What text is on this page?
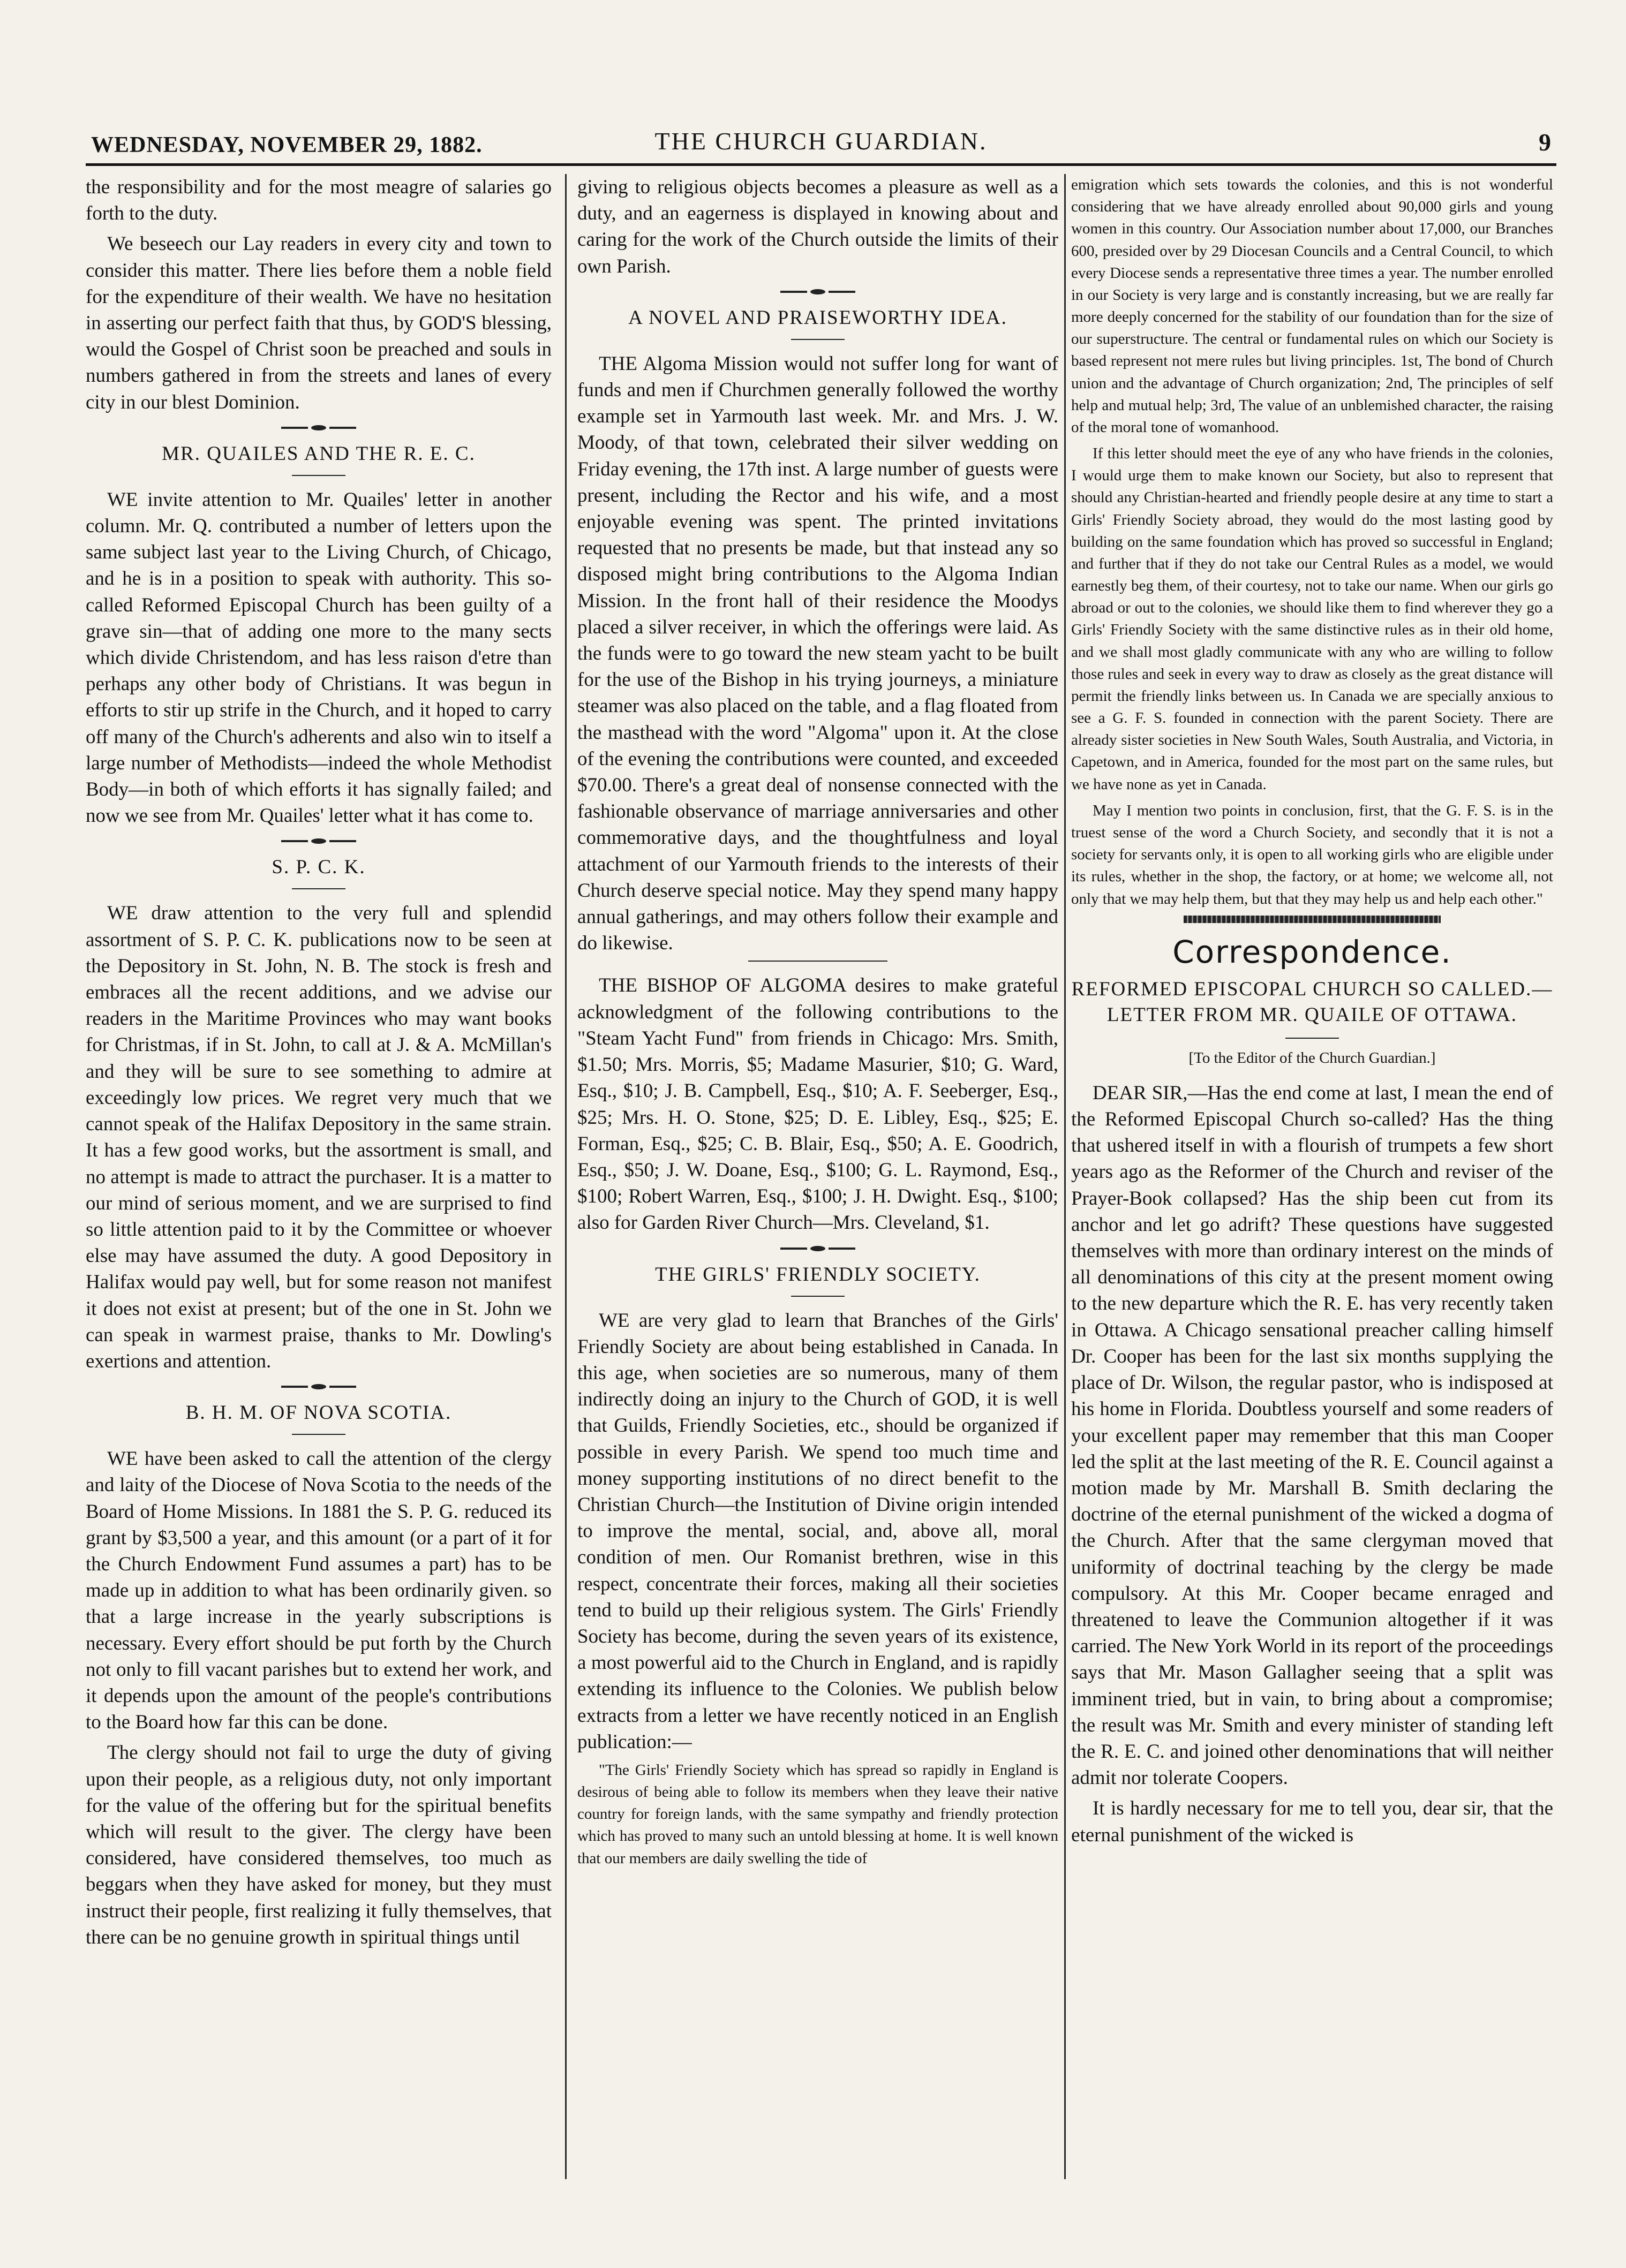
WEDNESDAY, NOVEMBER 29, 1882.	THE CHURCH GUARDIAN.	9

the responsibility and for the most meagre of salaries go forth to the duty.

We beseech our Lay readers in every city and town to consider this matter. There lies before them a noble field for the expenditure of their wealth. We have no hesitation in asserting our perfect faith that thus, by GOD'S blessing, would the Gospel of Christ soon be preached and souls in numbers gathered in from the streets and lanes of every city in our blest Dominion.

MR. QUAILES AND THE R. E. C.

WE invite attention to Mr. Quailes' letter in another column. Mr. Q. contributed a number of letters upon the same subject last year to the Living Church, of Chicago, and he is in a position to speak with authority. This so-called Reformed Episcopal Church has been guilty of a grave sin—that of adding one more to the many sects which divide Christendom, and has less raison d'etre than perhaps any other body of Christians. It was begun in efforts to stir up strife in the Church, and it hoped to carry off many of the Church's adherents and also win to itself a large number of Methodists—indeed the whole Methodist Body—in both of which efforts it has signally failed; and now we see from Mr. Quailes' letter what it has come to.

S. P. C. K.

WE draw attention to the very full and splendid assortment of S. P. C. K. publications now to be seen at the Depository in St. John, N. B. The stock is fresh and embraces all the recent additions, and we advise our readers in the Maritime Provinces who may want books for Christmas, if in St. John, to call at J. & A. McMillan's and they will be sure to see something to admire at exceedingly low prices. We regret very much that we cannot speak of the Halifax Depository in the same strain. It has a few good works, but the assortment is small, and no attempt is made to attract the purchaser. It is a matter to our mind of serious moment, and we are surprised to find so little attention paid to it by the Committee or whoever else may have assumed the duty. A good Depository in Halifax would pay well, but for some reason not manifest it does not exist at present; but of the one in St. John we can speak in warmest praise, thanks to Mr. Dowling's exertions and attention.

B. H. M. OF NOVA SCOTIA.

WE have been asked to call the attention of the clergy and laity of the Diocese of Nova Scotia to the needs of the Board of Home Missions. In 1881 the S. P. G. reduced its grant by $3,500 a year, and this amount (or a part of it for the Church Endowment Fund assumes a part) has to be made up in addition to what has been ordinarily given. so that a large increase in the yearly subscriptions is necessary. Every effort should be put forth by the Church not only to fill vacant parishes but to extend her work, and it depends upon the amount of the people's contributions to the Board how far this can be done.

The clergy should not fail to urge the duty of giving upon their people, as a religious duty, not only important for the value of the offering but for the spiritual benefits which will result to the giver. The clergy have been considered, have considered themselves, too much as beggars when they have asked for money, but they must instruct their people, first realizing it fully themselves, that there can be no genuine growth in spiritual things until

giving to religious objects becomes a pleasure as well as a duty, and an eagerness is displayed in knowing about and caring for the work of the Church outside the limits of their own Parish.

A NOVEL AND PRAISEWORTHY IDEA.

THE Algoma Mission would not suffer long for want of funds and men if Churchmen generally followed the worthy example set in Yarmouth last week. Mr. and Mrs. J. W. Moody, of that town, celebrated their silver wedding on Friday evening, the 17th inst. A large number of guests were present, including the Rector and his wife, and a most enjoyable evening was spent. The printed invitations requested that no presents be made, but that instead any so disposed might bring contributions to the Algoma Indian Mission. In the front hall of their residence the Moodys placed a silver receiver, in which the offerings were laid. As the funds were to go toward the new steam yacht to be built for the use of the Bishop in his trying journeys, a miniature steamer was also placed on the table, and a flag floated from the masthead with the word "Algoma" upon it. At the close of the evening the contributions were counted, and exceeded $70.00. There's a great deal of nonsense connected with the fashionable observance of marriage anniversaries and other commemorative days, and the thoughtfulness and loyal attachment of our Yarmouth friends to the interests of their Church deserve special notice. May they spend many happy annual gatherings, and may others follow their example and do likewise.

THE BISHOP OF ALGOMA desires to make grateful acknowledgment of the following contributions to the "Steam Yacht Fund" from friends in Chicago: Mrs. Smith, $1.50; Mrs. Morris, $5; Madame Masurier, $10; G. Ward, Esq., $10; J. B. Campbell, Esq., $10; A. F. Seeberger, Esq., $25; Mrs. H. O. Stone, $25; D. E. Libley, Esq., $25; E. Forman, Esq., $25; C. B. Blair, Esq., $50; A. E. Goodrich, Esq., $50; J. W. Doane, Esq., $100; G. L. Raymond, Esq., $100; Robert Warren, Esq., $100; J. H. Dwight. Esq., $100; also for Garden River Church—Mrs. Cleveland, $1.

THE GIRLS' FRIENDLY SOCIETY.

WE are very glad to learn that Branches of the Girls' Friendly Society are about being established in Canada. In this age, when societies are so numerous, many of them indirectly doing an injury to the Church of GOD, it is well that Guilds, Friendly Societies, etc., should be organized if possible in every Parish. We spend too much time and money supporting institutions of no direct benefit to the Christian Church—the Institution of Divine origin intended to improve the mental, social, and, above all, moral condition of men. Our Romanist brethren, wise in this respect, concentrate their forces, making all their societies tend to build up their religious system. The Girls' Friendly Society has become, during the seven years of its existence, a most powerful aid to the Church in England, and is rapidly extending its influence to the Colonies. We publish below extracts from a letter we have recently noticed in an English publication:—

"The Girls' Friendly Society which has spread so rapidly in England is desirous of being able to follow its members when they leave their native country for foreign lands, with the same sympathy and friendly protection which has proved to many such an untold blessing at home. It is well known that our members are daily swelling the tide of

emigration which sets towards the colonies, and this is not wonderful considering that we have already enrolled about 90,000 girls and young women in this country. Our Association number about 17,000, our Branches 600, presided over by 29 Diocesan Councils and a Central Council, to which every Diocese sends a representative three times a year. The number enrolled in our Society is very large and is constantly increasing, but we are really far more deeply concerned for the stability of our foundation than for the size of our superstructure. The central or fundamental rules on which our Society is based represent not mere rules but living principles. 1st, The bond of Church union and the advantage of Church organization; 2nd, The principles of self help and mutual help; 3rd, The value of an unblemished character, the raising of the moral tone of womanhood.

If this letter should meet the eye of any who have friends in the colonies, I would urge them to make known our Society, but also to represent that should any Christian-hearted and friendly people desire at any time to start a Girls' Friendly Society abroad, they would do the most lasting good by building on the same foundation which has proved so successful in England; and further that if they do not take our Central Rules as a model, we would earnestly beg them, of their courtesy, not to take our name. When our girls go abroad or out to the colonies, we should like them to find wherever they go a Girls' Friendly Society with the same distinctive rules as in their old home, and we shall most gladly communicate with any who are willing to follow those rules and seek in every way to draw as closely as the great distance will permit the friendly links between us. In Canada we are specially anxious to see a G. F. S. founded in connection with the parent Society. There are already sister societies in New South Wales, South Australia, and Victoria, in Capetown, and in America, founded for the most part on the same rules, but we have none as yet in Canada.

May I mention two points in conclusion, first, that the G. F. S. is in the truest sense of the word a Church Society, and secondly that it is not a society for servants only, it is open to all working girls who are eligible under its rules, whether in the shop, the factory, or at home; we welcome all, not only that we may help them, but that they may help us and help each other."

Correspondence.
REFORMED EPISCOPAL CHURCH SO CALLED.—LETTER FROM MR. QUAILE OF OTTAWA.
[To the Editor of the Church Guardian.]

DEAR SIR,—Has the end come at last, I mean the end of the Reformed Episcopal Church so-called? Has the thing that ushered itself in with a flourish of trumpets a few short years ago as the Reformer of the Church and reviser of the Prayer-Book collapsed? Has the ship been cut from its anchor and let go adrift? These questions have suggested themselves with more than ordinary interest on the minds of all denominations of this city at the present moment owing to the new departure which the R. E. has very recently taken in Ottawa. A Chicago sensational preacher calling himself Dr. Cooper has been for the last six months supplying the place of Dr. Wilson, the regular pastor, who is indisposed at his home in Florida. Doubtless yourself and some readers of your excellent paper may remember that this man Cooper led the split at the last meeting of the R. E. Council against a motion made by Mr. Marshall B. Smith declaring the doctrine of the eternal punishment of the wicked a dogma of the Church. After that the same clergyman moved that uniformity of doctrinal teaching by the clergy be made compulsory. At this Mr. Cooper became enraged and threatened to leave the Communion altogether if it was carried. The New York World in its report of the proceedings says that Mr. Mason Gallagher seeing that a split was imminent tried, but in vain, to bring about a compromise; the result was Mr. Smith and every minister of standing left the R. E. C. and joined other denominations that will neither admit nor tolerate Coopers.

It is hardly necessary for me to tell you, dear sir, that the eternal punishment of the wicked is
